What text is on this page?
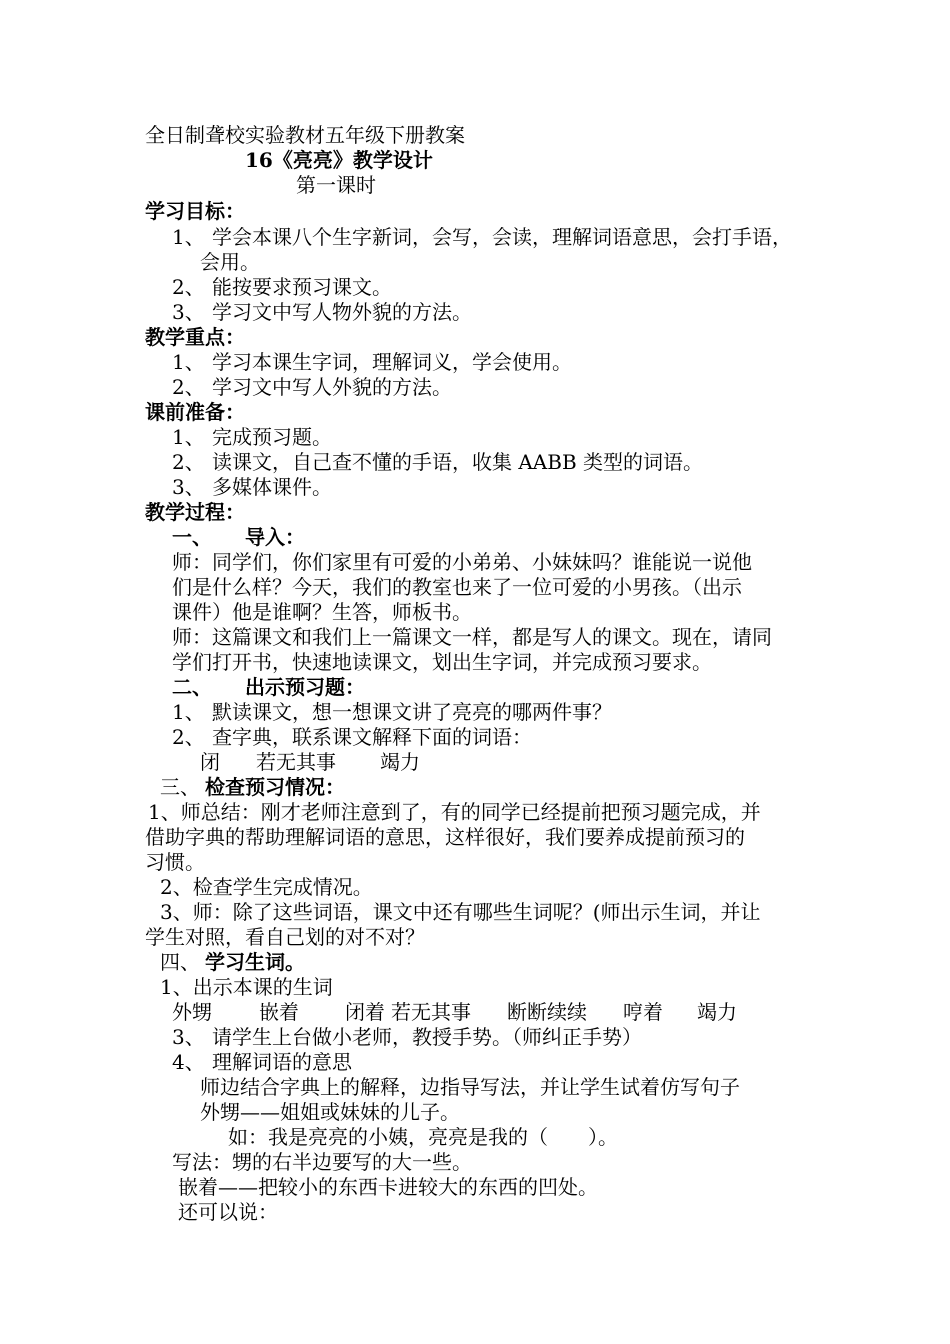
全日制聋校实验教材五年级下册教案
16《亮亮》教学设计
第一课时
学习目标：
1、 学会本课八个生字新词，会写，会读，理解词语意思，会打手语，
会用。
2、 能按要求预习课文。
3、 学习文中写人物外貌的方法。
教学重点：
1、 学习本课生字词，理解词义，学会使用。
2、 学习文中写人外貌的方法。
课前准备：
1、 完成预习题。
2、 读课文，自己查不懂的手语，收集 AABB 类型的词语。
3、 多媒体课件。
教学过程：
一、 导入：
师：同学们，你们家里有可爱的小弟弟、小妹妹吗？谁能说一说他
们是什么样？今天，我们的教室也来了一位可爱的小男孩。（出示
课件）他是谁啊？生答，师板书。
师：这篇课文和我们上一篇课文一样，都是写人的课文。现在，请同
学们打开书，快速地读课文，划出生字词，并完成预习要求。
二、 出示预习题：
1、 默读课文，想一想课文讲了亮亮的哪两件事？
2、 查字典，联系课文解释下面的词语：
闭 若无其事 竭力
三、 检查预习情况：
1、师总结：刚才老师注意到了，有的同学已经提前把预习题完成，并
借助字典的帮助理解词语的意思，这样很好，我们要养成提前预习的
习惯。
2、检查学生完成情况。
3、师：除了这些词语，课文中还有哪些生词呢？(师出示生词，并让
学生对照，看自己划的对不对？
四、 学习生词。
1、出示本课的生词
外甥 嵌着 闭着 若无其事 断断续续 哼着 竭力
3、 请学生上台做小老师，教授手势。（师纠正手势）
4、 理解词语的意思
师边结合字典上的解释，边指导写法，并让学生试着仿写句子
外甥——姐姐或妹妹的儿子。
如：我是亮亮的小姨，亮亮是我的（　　）。
写法：甥的右半边要写的大一些。
嵌着——把较小的东西卡进较大的东西的凹处。
还可以说：
